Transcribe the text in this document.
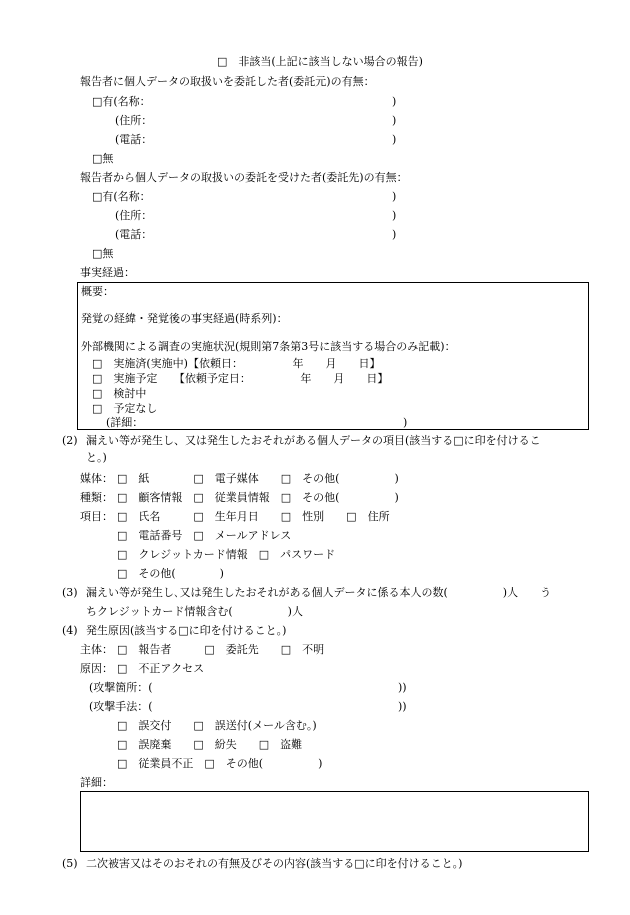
□　非該当(上記に該当しない場合の報告)
報告者に個人データの取扱いを委託した者(委託元)の有無：
□有(名称：	)
(住所：	)
(電話：	)
□無
報告者から個人データの取扱いの委託を受けた者(委託先)の有無：
□有(名称：	)
(住所：	)
(電話：	)
□無
事実経過：
概要：
発覚の経緯・発覚後の事実経過(時系列)：
外部機関による調査の実施状況(規則第7条第3号に該当する場合のみ記載)：
□　実施済(実施中)【依頼日：　　　　　年　　月　　日】
□　実施予定　　【依頼予定日：　　　　　年　　月　　日】
□　検討中
□　予定なし
(詳細：	)
(2) 漏えい等が発生し、又は発生したおそれがある個人データの項目(該当する□に印を付けるこ
と。)
媒体： □　紙　　　　□　電子媒体　　□　その他(　　　　　)
種類： □　顧客情報　□　従業員情報　□　その他(　　　　　)
項目： □　氏名　　　□　生年月日　　□　性別　　□　住所
□　電話番号　□　メールアドレス
□　クレジットカード情報　□　パスワード
□　その他(　　　　)
(3) 漏えい等が発生し､又は発生したおそれがある個人データに係る本人の数(　　　　　)人　　う
ちクレジットカード情報含む(　　　　　)人
(4) 発生原因(該当する□に印を付けること。)
主体： □　報告者　　　□　委託先　　□　不明
原因： □　不正アクセス
(攻撃箇所：(	))
(攻撃手法：(	))
□　誤交付　　□　誤送付(メール含む。)
□　誤廃棄　　□　紛失　　□　盗難
□　従業員不正　□　その他(　　　　　)
詳細：
(5) 二次被害又はそのおそれの有無及びその内容(該当する□に印を付けること。)
